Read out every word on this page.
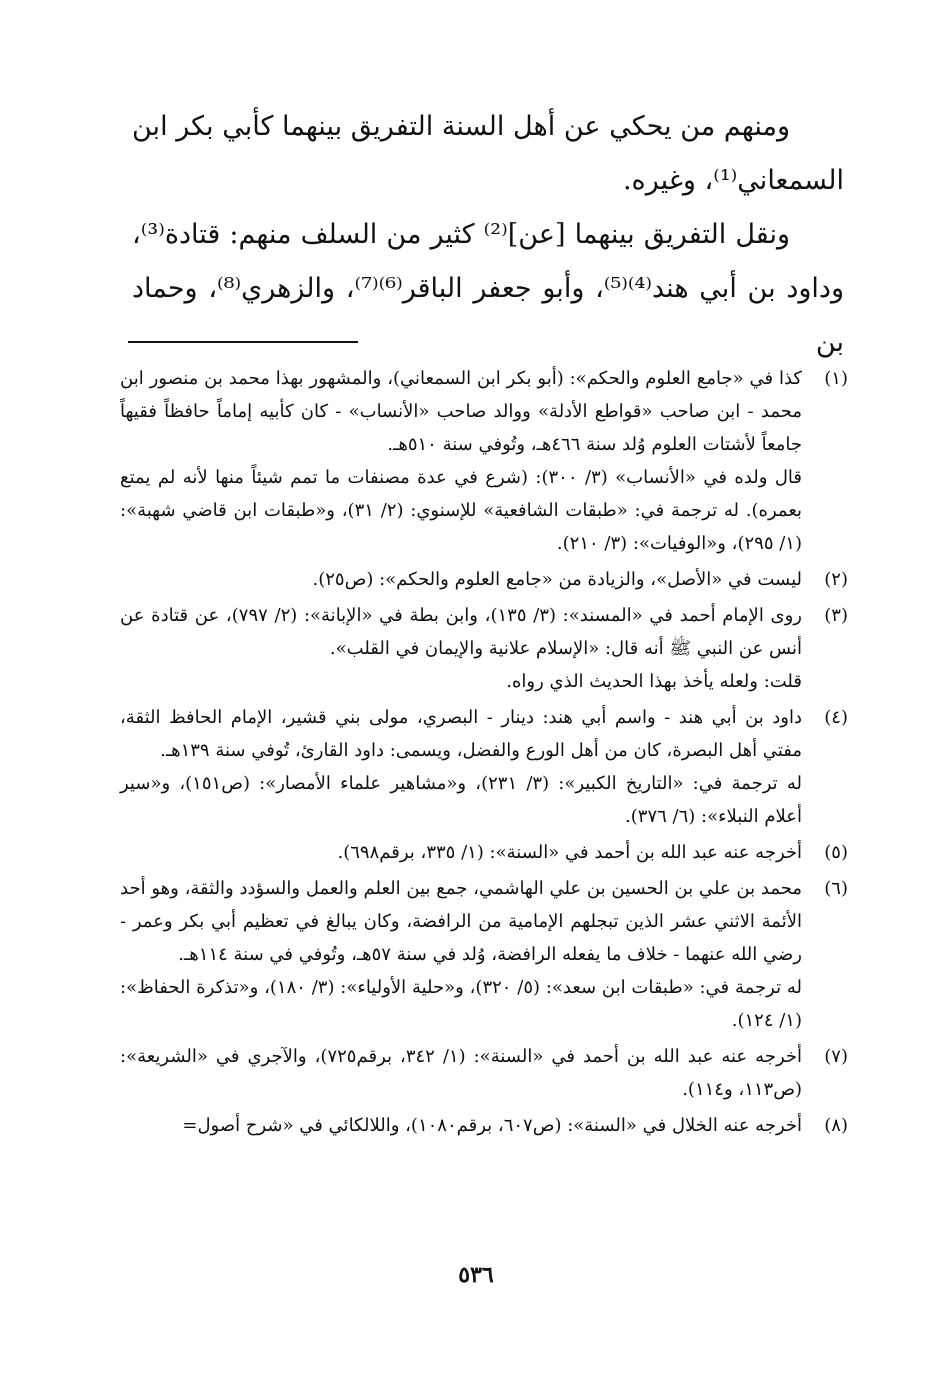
ومنهم من يحكي عن أهل السنة التفريق بينهما كأبي بكر ابن السمعاني⁽¹⁾، وغيره.

ونقل التفريق بينهما [عن]⁽²⁾ كثير من السلف منهم: قتادة⁽³⁾، وداود بن أبي هند⁽⁴⁾⁽⁵⁾، وأبو جعفر الباقر⁽⁶⁾⁽⁷⁾، والزهري⁽⁸⁾، وحماد بن

(١)
كذا في «جامع العلوم والحكم»: (أبو بكر ابن السمعاني)، والمشهور بهذا محمد بن منصور ابن محمد - ابن صاحب «قواطع الأدلة» ووالد صاحب «الأنساب» - كان كأبيه إماماً حافظاً فقيهاً جامعاً لأشتات العلوم وُلد سنة ٤٦٦هـ، وتُوفي سنة ٥١٠هـ.
قال ولده في «الأنساب» (٣/ ٣٠٠): (شرع في عدة مصنفات ما تمم شيئاً منها لأنه لم يمتع بعمره). له ترجمة في: «طبقات الشافعية» للإسنوي: (٢/ ٣١)، و«طبقات ابن قاضي شهبة»: (١/ ٢٩٥)، و«الوفيات»: (٣/ ٢١٠).
(٢)
ليست في «الأصل»، والزيادة من «جامع العلوم والحكم»: (ص٢٥).
(٣)
روى الإمام أحمد في «المسند»: (٣/ ١٣٥)، وابن بطة في «الإبانة»: (٢/ ٧٩٧)، عن قتادة عن أنس عن النبي ﷺ أنه قال: «الإسلام علانية والإيمان في القلب».
قلت: ولعله يأخذ بهذا الحديث الذي رواه.
(٤)
داود بن أبي هند - واسم أبي هند: دينار - البصري، مولى بني قشير، الإمام الحافظ الثقة، مفتي أهل البصرة، كان من أهل الورع والفضل، ويسمى: داود القارئ، تُوفي سنة ١٣٩هـ.
له ترجمة في: «التاريخ الكبير»: (٣/ ٢٣١)، و«مشاهير علماء الأمصار»: (ص١٥١)، و«سير أعلام النبلاء»: (٦/ ٣٧٦).
(٥)
أخرجه عنه عبد الله بن أحمد في «السنة»: (١/ ٣٣٥، برقم٦٩٨).
(٦)
محمد بن علي بن الحسين بن علي الهاشمي، جمع بين العلم والعمل والسؤدد والثقة، وهو أحد الأئمة الاثني عشر الذين تبجلهم الإمامية من الرافضة، وكان يبالغ في تعظيم أبي بكر وعمر - رضي الله عنهما - خلاف ما يفعله الرافضة، وُلد في سنة ٥٧هـ، وتُوفي في سنة ١١٤هـ.
له ترجمة في: «طبقات ابن سعد»: (٥/ ٣٢٠)، و«حلية الأولياء»: (٣/ ١٨٠)، و«تذكرة الحفاظ»: (١/ ١٢٤).
(٧)
أخرجه عنه عبد الله بن أحمد في «السنة»: (١/ ٣٤٢، برقم٧٢٥)، والآجري في «الشريعة»: (ص١١٣، و١١٤).
(٨)
أخرجه عنه الخلال في «السنة»: (ص٦٠٧، برقم١٠٨٠)، واللالكائي في «شرح أصول=
٥٣٦
